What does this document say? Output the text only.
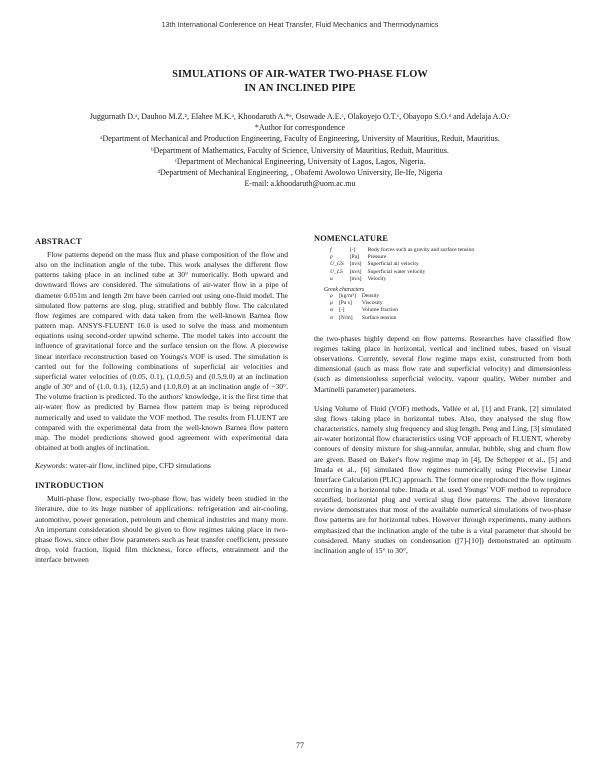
13th International Conference on Heat Transfer, Fluid Mechanics and Thermodynamics
SIMULATIONS OF AIR-WATER TWO-PHASE FLOW
IN AN INCLINED PIPE
Juggurnath D.ᵃ, Dauhoo M.Z.ᵇ, Elahee M.K.ᵃ, Khoodaruth A.*ᵃ, Osowade A.E.ᶜ, Olakoyejo O.T.ᶜ, Obayopo S.O.ᵈ and Adelaja A.O.ᶜ
*Author for correspondence
ᵃDepartment of Mechanical and Production Engineering, Faculty of Engineering, University of Mauritius, Reduit, Mauritius.
ᵇDepartment of Mathematics, Faculty of Science, University of Mauritius, Reduit, Mauritius.
ᶜDepartment of Mechanical Engineering, University of Lagos, Lagos, Nigeria.
ᵈDepartment of Mechanical Engineering, , Obafemi Awolowo University, Ile-Ife, Nigeria
E-mail: a.khoodaruth@uom.ac.mu
ABSTRACT

Flow patterns depend on the mass flux and phase composition of the flow and also on the inclination angle of the tube. This work analyses the different flow patterns taking place in an inclined tube at 30° numerically. Both upward and downward flows are considered. The simulations of air-water flow in a pipe of diameter 0.051m and length 2m have been carried out using one-fluid model. The simulated flow patterns are slug, plug, stratified and bubbly flow. The calculated flow regimes are compared with data taken from the well-known Barnea flow pattern map. ANSYS-FLUENT 16.0 is used to solve the mass and momentum equations using second-order upwind scheme. The model takes into account the influence of gravitational force and the surface tension on the flow. A piecewise linear interface reconstruction based on Youngs's VOF is used. The simulation is carried out for the following combinations of superficial air velocities and superficial water velocities of (0.05, 0.1), (1.0,0.5) and (0.5,9.0) at an inclination angle of 30° and of (1.0, 0.1), (12,5) and (1.0,8.0) at an inclination angle of −30°. The volume fraction is predicted. To the authors' knowledge, it is the first time that air-water flow as predicted by Barnea flow pattern map is being reproduced numerically and used to validate the VOF method. The results from FLUENT are compared with the experimental data from the well-known Barnea flow pattern map. The model predictions showed good agreement with experimental data obtained at both angles of inclination.

Keywords: water-air flow, inclined pipe, CFD simulations
INTRODUCTION

Multi-phase flow, especially two-phase flow, has widely been studied in the literature, due to its huge number of applications: refrigeration and air-cooling, automotive, power generation, petroleum and chemical industries and many more. An important consideration should be given to flow regimes taking place in two-phase flows, since other flow parameters such as heat transfer coefficient, pressure drop, void fraction, liquid film thickness, force effects, entrainment and the interface between

NOMENCLATURE
f	[-]	Body forces such as gravity and surface tension
p	[Pa]	Pressure
U_GS	[m/s]	Superficial air velocity
U_LS	[m/s]	Superficial water velocity
u	[m/s]	Velocity
Greek characters
ρ	[kg/m³]	Density
μ	[Pa s]	Viscosity
α	[-]	Volume fraction
σ	[N/m]	Surface tension

the two-phases highly depend on flow patterns. Researches have classified flow regimes taking place in horizontal, vertical and inclined tubes, based on visual observations. Currently, several flow regime maps exist, constructed from both dimensional (such as mass flow rate and superficial velocity) and dimensionless (such as dimensionless superficial velocity, vapour quality, Weber number and Martinelli parameter) parameters.

Using Volume of Fluid (VOF) methods, Vallée et al, [1] and Frank, [2] simulated slug flows taking place in horizontal tubes. Also, they analysed the slug flow characteristics, namely slug frequency and slug length. Peng and Ling, [3] simulated air-water horizontal flow characteristics using VOF approach of FLUENT, whereby contours of density mixture for slug-annular, annular, bubble, slug and churn flow are given. Based on Baker's flow regime map in [4], De Schepper et al., [5] and Imada et al., [6] simulated flow regimes numerically using Piecewise Linear Interface Calculation (PLIC) approach. The former one reproduced the flow regimes occurring in a horizontal tube. Imada et al. used Youngs' VOF method to reproduce stratified, horizontal plug and vertical slug flow patterns. The above literature review demonstrates that most of the available numerical simulations of two-phase flow patterns are for horizontal tubes. However through experiments, many authors emphasized that the inclination angle of the tube is a vital parameter that should be considered. Many studies on condensation ([7]-[10]) demonstrated an optimum inclination angle of 15° to 30°,

77
